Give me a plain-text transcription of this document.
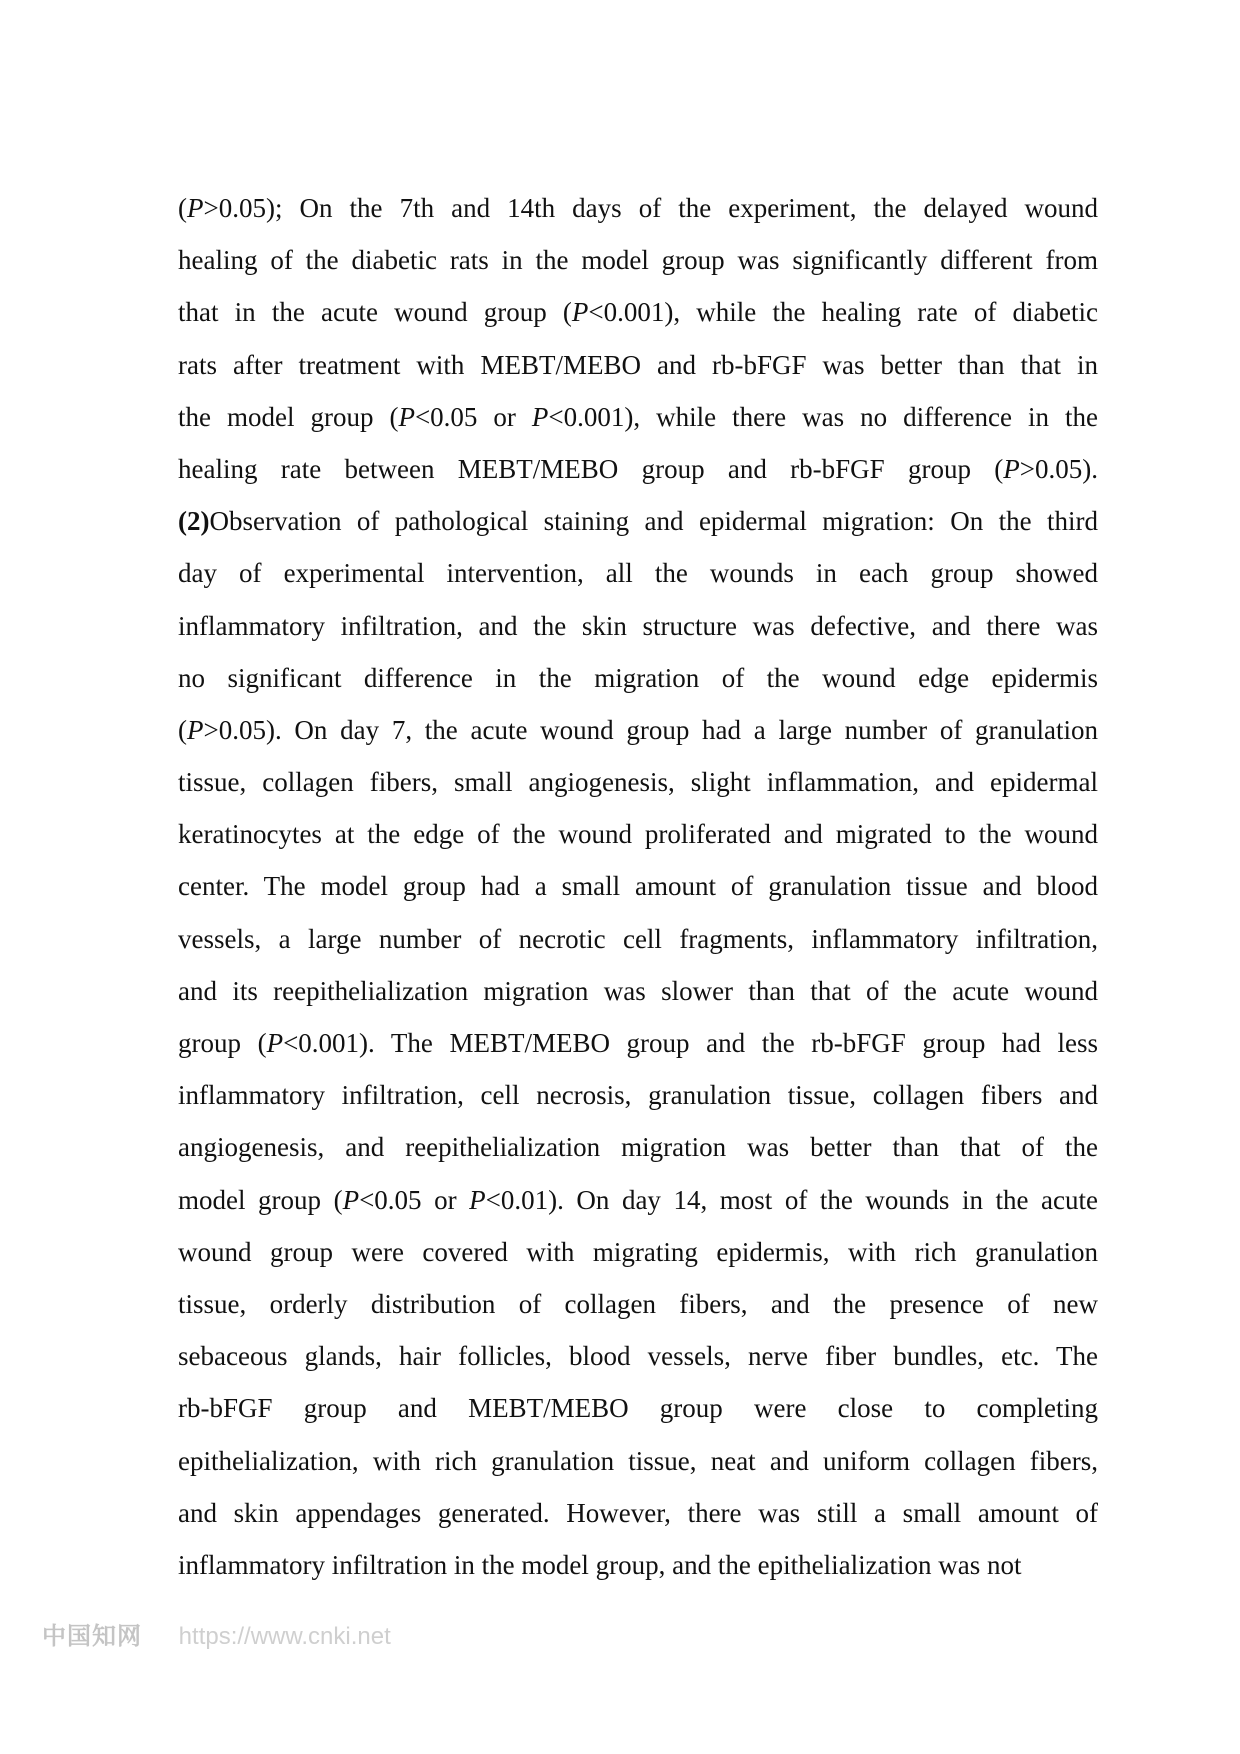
(P>0.05); On the 7th and 14th days of the experiment, the delayed wound
healing of the diabetic rats in the model group was significantly different from
that in the acute wound group (P<0.001), while the healing rate of diabetic
rats after treatment with MEBT/MEBO and rb-bFGF was better than that in
the model group (P<0.05 or P<0.001), while there was no difference in the
healing rate between MEBT/MEBO group and rb-bFGF group (P>0.05).
(2)Observation of pathological staining and epidermal migration: On the third
day of experimental intervention, all the wounds in each group showed
inflammatory infiltration, and the skin structure was defective, and there was
no significant difference in the migration of the wound edge epidermis
(P>0.05). On day 7, the acute wound group had a large number of granulation
tissue, collagen fibers, small angiogenesis, slight inflammation, and epidermal
keratinocytes at the edge of the wound proliferated and migrated to the wound
center. The model group had a small amount of granulation tissue and blood
vessels, a large number of necrotic cell fragments, inflammatory infiltration,
and its reepithelialization migration was slower than that of the acute wound
group (P<0.001). The MEBT/MEBO group and the rb-bFGF group had less
inflammatory infiltration, cell necrosis, granulation tissue, collagen fibers and
angiogenesis, and reepithelialization migration was better than that of the
model group (P<0.05 or P<0.01). On day 14, most of the wounds in the acute
wound group were covered with migrating epidermis, with rich granulation
tissue, orderly distribution of collagen fibers, and the presence of new
sebaceous glands, hair follicles, blood vessels, nerve fiber bundles, etc. The
rb-bFGF group and MEBT/MEBO group were close to completing
epithelialization, with rich granulation tissue, neat and uniform collagen fibers,
and skin appendages generated. However, there was still a small amount of
inflammatory infiltration in the model group, and the epithelialization was not
中国知网 https://www.cnki.net
